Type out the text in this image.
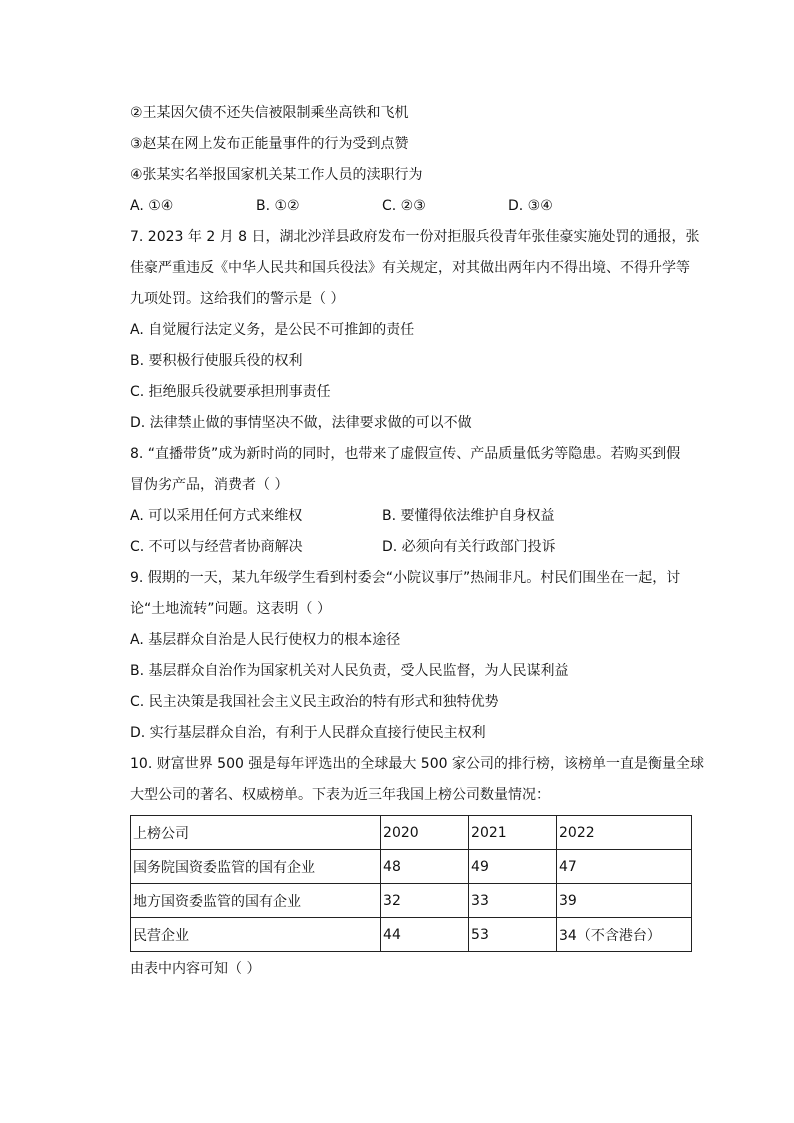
②王某因欠债不还失信被限制乘坐高铁和飞机
③赵某在网上发布正能量事件的行为受到点赞
④张某实名举报国家机关某工作人员的渎职行为
A. ①④	B. ①②	C. ②③	D. ③④
7. 2023 年 2 月 8 日，湖北沙洋县政府发布一份对拒服兵役青年张佳豪实施处罚的通报，张
佳豪严重违反《中华人民共和国兵役法》有关规定，对其做出两年内不得出境、不得升学等
九项处罚。这给我们的警示是（ ）
A. 自觉履行法定义务，是公民不可推卸的责任
B. 要积极行使服兵役的权利
C. 拒绝服兵役就要承担刑事责任
D. 法律禁止做的事情坚决不做，法律要求做的可以不做
8. “直播带货”成为新时尚的同时，也带来了虚假宣传、产品质量低劣等隐患。若购买到假
冒伪劣产品，消费者（ ）
A. 可以采用任何方式来维权	B. 要懂得依法维护自身权益
C. 不可以与经营者协商解决	D. 必须向有关行政部门投诉
9. 假期的一天，某九年级学生看到村委会“小院议事厅”热闹非凡。村民们围坐在一起，讨
论“土地流转”问题。这表明（ ）
A. 基层群众自治是人民行使权力的根本途径
B. 基层群众自治作为国家机关对人民负责，受人民监督，为人民谋利益
C. 民主决策是我国社会主义民主政治的特有形式和独特优势
D. 实行基层群众自治，有利于人民群众直接行使民主权利
10. 财富世界 500 强是每年评选出的全球最大 500 家公司的排行榜，该榜单一直是衡量全球
大型公司的著名、权威榜单。下表为近三年我国上榜公司数量情况：
上榜公司	2020	2021	2022
国务院国资委监管的国有企业	48	49	47
地方国资委监管的国有企业	32	33	39
民营企业	44	53	34（不含港台）
由表中内容可知（ ）
